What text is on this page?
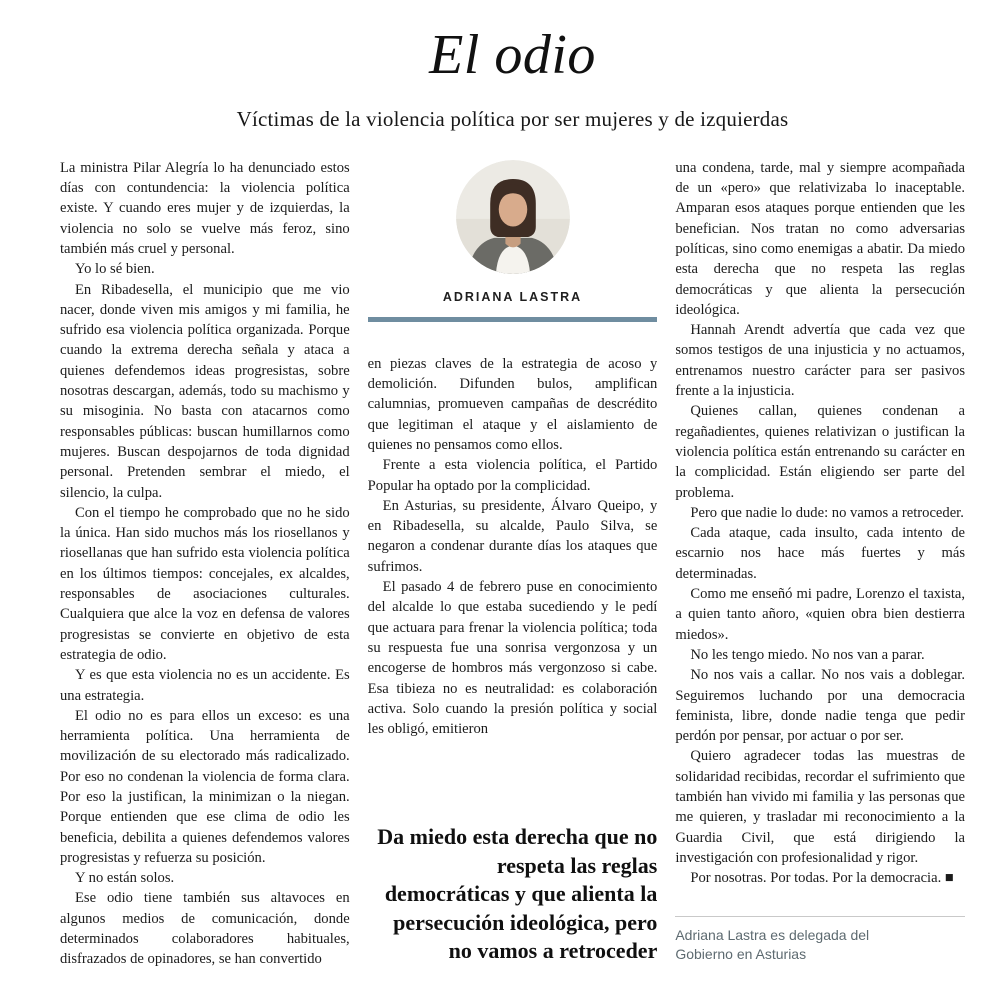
El odio
Víctimas de la violencia política por ser mujeres y de izquierdas

La ministra Pilar Alegría lo ha denunciado estos días con contundencia: la violencia política existe. Y cuando eres mujer y de izquierdas, la violencia no solo se vuelve más feroz, sino también más cruel y personal.

Yo lo sé bien.

En Ribadesella, el municipio que me vio nacer, donde viven mis amigos y mi familia, he sufrido esa violencia política organizada. Porque cuando la extrema derecha señala y ataca a quienes defendemos ideas progresistas, sobre nosotras descargan, además, todo su machismo y su misoginia. No basta con atacarnos como responsables públicas: buscan humillarnos como mujeres. Buscan despojarnos de toda dignidad personal. Pretenden sembrar el miedo, el silencio, la culpa.

Con el tiempo he comprobado que no he sido la única. Han sido muchos más los riosellanos y riosellanas que han sufrido esta violencia política en los últimos tiempos: concejales, ex alcaldes, responsables de asociaciones culturales. Cualquiera que alce la voz en defensa de valores progresistas se convierte en objetivo de esta estrategia de odio.

Y es que esta violencia no es un accidente. Es una estrategia.

El odio no es para ellos un exceso: es una herramienta política. Una herramienta de movilización de su electorado más radicalizado. Por eso no condenan la violencia de forma clara. Por eso la justifican, la minimizan o la niegan. Porque entienden que ese clima de odio les beneficia, debilita a quienes defendemos valores progresistas y refuerza su posición.

Y no están solos.

Ese odio tiene también sus altavoces en algunos medios de comunicación, donde determinados colaboradores habituales, disfrazados de opinadores, se han convertido

ADRIANA LASTRA

en piezas claves de la estrategia de acoso y demolición. Difunden bulos, amplifican calumnias, promueven campañas de descrédito que legitiman el ataque y el aislamiento de quienes no pensamos como ellos.

Frente a esta violencia política, el Partido Popular ha optado por la complicidad.

En Asturias, su presidente, Álvaro Queipo, y en Ribadesella, su alcalde, Paulo Silva, se negaron a condenar durante días los ataques que sufrimos.

El pasado 4 de febrero puse en conocimiento del alcalde lo que estaba sucediendo y le pedí que actuara para frenar la violencia política; toda su respuesta fue una sonrisa vergonzosa y un encogerse de hombros más vergonzoso si cabe. Esa tibieza no es neutralidad: es colaboración activa. Solo cuando la presión política y social les obligó, emitieron

Da miedo esta derecha que no respeta las reglas democráticas y que alienta la persecución ideológica, pero no vamos a retroceder

una condena, tarde, mal y siempre acompañada de un «pero» que relativizaba lo inaceptable. Amparan esos ataques porque entienden que les benefician. Nos tratan no como adversarias políticas, sino como enemigas a abatir. Da miedo esta derecha que no respeta las reglas democráticas y que alienta la persecución ideológica.

Hannah Arendt advertía que cada vez que somos testigos de una injusticia y no actuamos, entrenamos nuestro carácter para ser pasivos frente a la injusticia.

Quienes callan, quienes condenan a regañadientes, quienes relativizan o justifican la violencia política están entrenando su carácter en la complicidad. Están eligiendo ser parte del problema.

Pero que nadie lo dude: no vamos a retroceder.

Cada ataque, cada insulto, cada intento de escarnio nos hace más fuertes y más determinadas.

Como me enseñó mi padre, Lorenzo el taxista, a quien tanto añoro, «quien obra bien destierra miedos».

No les tengo miedo. No nos van a parar.

No nos vais a callar. No nos vais a doblegar. Seguiremos luchando por una democracia feminista, libre, donde nadie tenga que pedir perdón por pensar, por actuar o por ser.

Quiero agradecer todas las muestras de solidaridad recibidas, recordar el sufrimiento que también han vivido mi familia y las personas que me quieren, y trasladar mi reconocimiento a la Guardia Civil, que está dirigiendo la investigación con profesionalidad y rigor.

Por nosotras. Por todas. Por la democracia. ■

Adriana Lastra es delegada del Gobierno en Asturias
